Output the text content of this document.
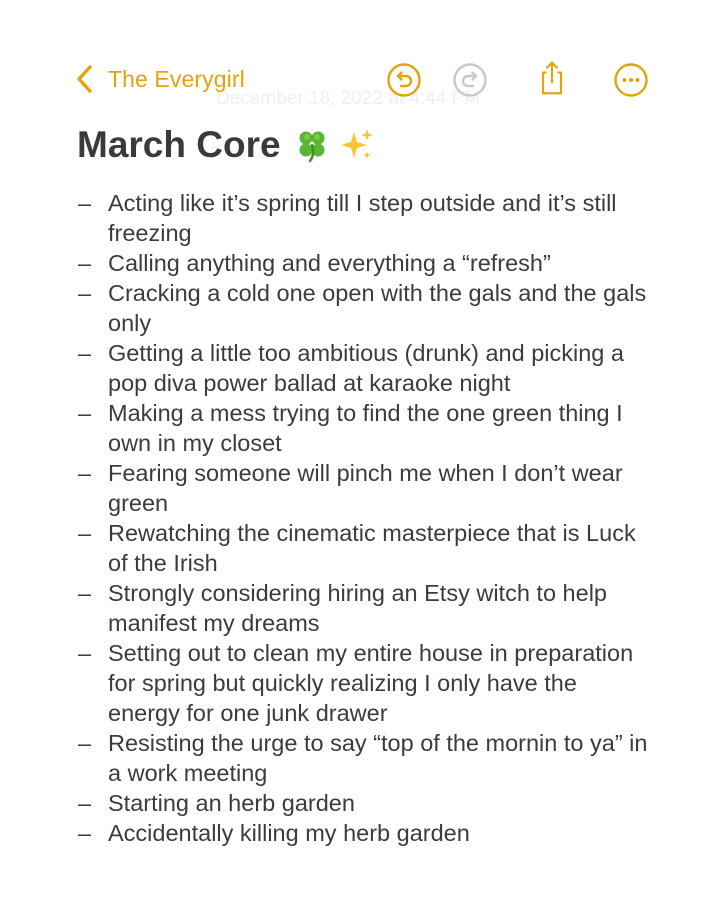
December 18, 2022 at 4:44 PM
The Everygirl
March Core
– Acting like it’s spring till I step outside and it’s still freezing
– Calling anything and everything a “refresh”
– Cracking a cold one open with the gals and the gals only
– Getting a little too ambitious (drunk) and picking a pop diva power ballad at karaoke night
– Making a mess trying to find the one green thing I own in my closet
– Fearing someone will pinch me when I don’t wear green
– Rewatching the cinematic masterpiece that is Luck of the Irish
– Strongly considering hiring an Etsy witch to help manifest my dreams
– Setting out to clean my entire house in preparation for spring but quickly realizing I only have the energy for one junk drawer
– Resisting the urge to say “top of the mornin to ya” in a work meeting
– Starting an herb garden
– Accidentally killing my herb garden
